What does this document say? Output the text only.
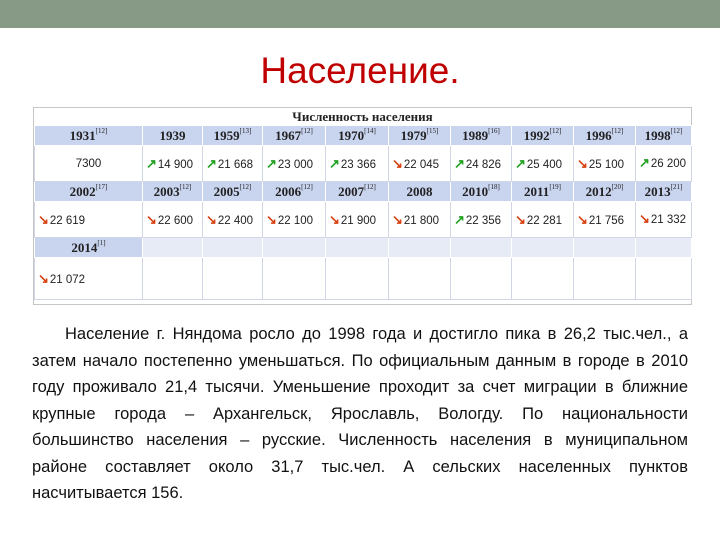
Население.
Численность населения
1931[12]	1939	1959[13]	1967[12]	1970[14]	1979[15]	1989[16]	1992[12]	1996[12]	1998[12]
7300	↗14 900	↗21 668	↗23 000	↗23 366	↘22 045	↗24 826	↗25 400	↘25 100	↗26 200
2002[17]	2003[12]	2005[12]	2006[12]	2007[12]	2008	2010[18]	2011[19]	2012[20]	2013[21]
↘22 619	↘22 600	↘22 400	↘22 100	↘21 900	↘21 800	↗22 356	↘22 281	↘21 756	↘21 332
2014[1]									
↘21 072									
Население г. Няндома росло до 1998 года и достигло пика в 26,2 тыс.чел., а затем начало постепенно уменьшаться. По официальным данным в городе в 2010 году проживало 21,4 тысячи. Уменьшение проходит за счет миграции в ближние крупные города – Архангельск, Ярославль, Вологду. По национальности большинство населения – русские. Численность населения в муниципальном районе составляет около 31,7 тыс.чел. А сельских населенных пунктов насчитывается 156.
